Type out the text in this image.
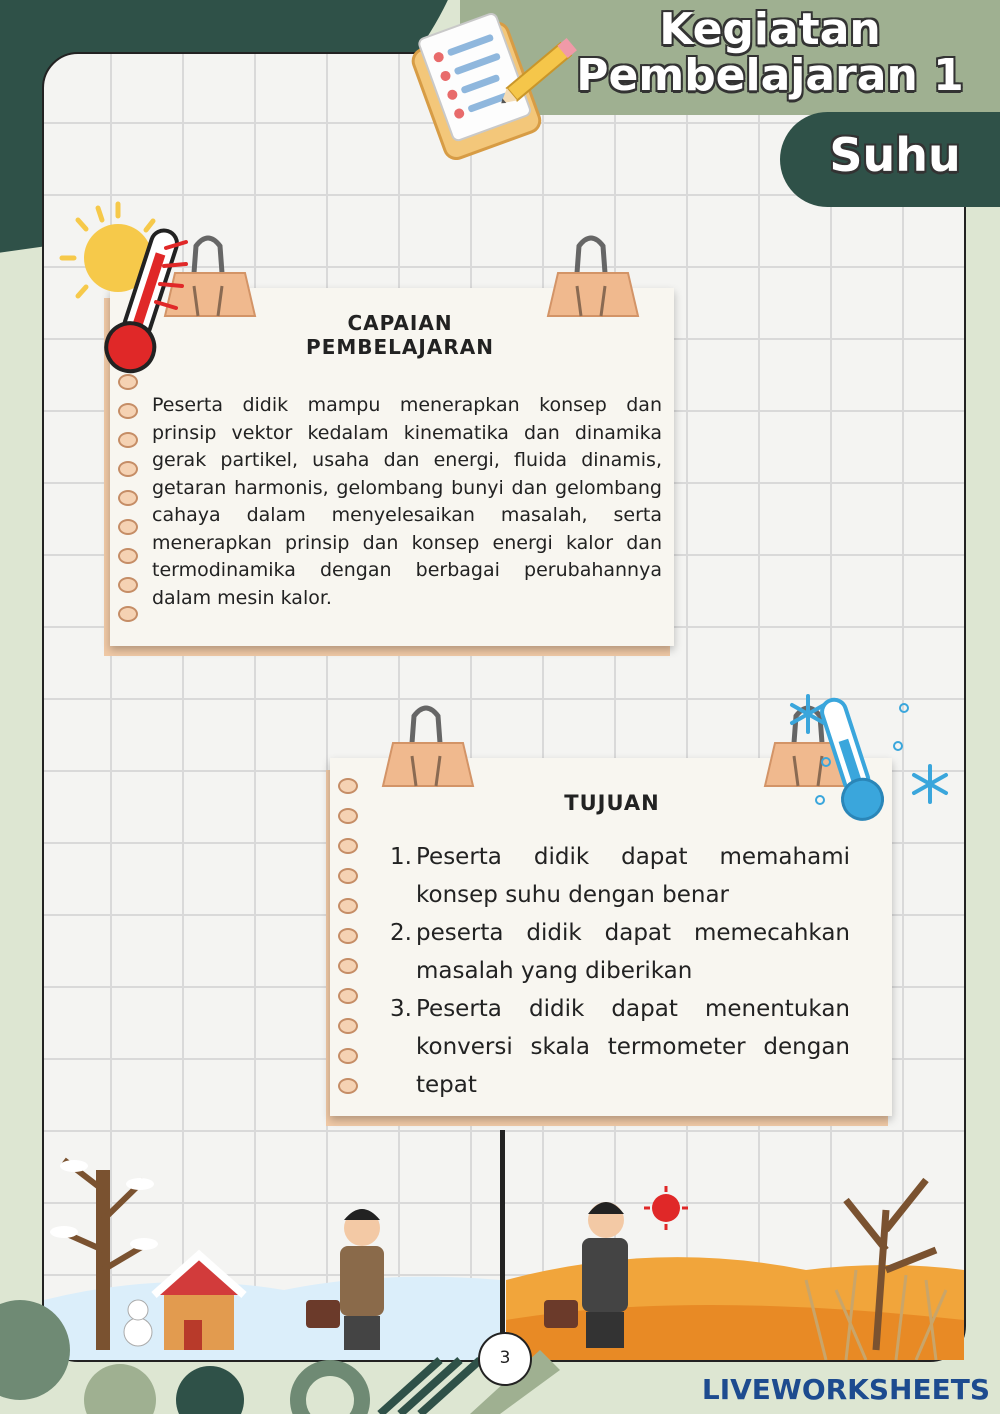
Kegiatan
Pembelajaran 1
Suhu
CAPAIAN
PEMBELAJARAN
Peserta didik mampu menerapkan konsep dan prinsip vektor kedalam kinematika dan dinamika gerak partikel, usaha dan energi, fluida dinamis, getaran harmonis, gelombang bunyi dan gelombang cahaya dalam menyelesaikan masalah, serta menerapkan prinsip dan konsep energi kalor dan termodinamika dengan berbagai perubahannya dalam mesin kalor.
TUJUAN
1. Peserta didik dapat memahami konsep suhu dengan benar
2. peserta didik dapat memecahkan masalah yang diberikan
3. Peserta didik dapat menentukan konversi skala termometer dengan tepat
3
LIVEWORKSHEETS
